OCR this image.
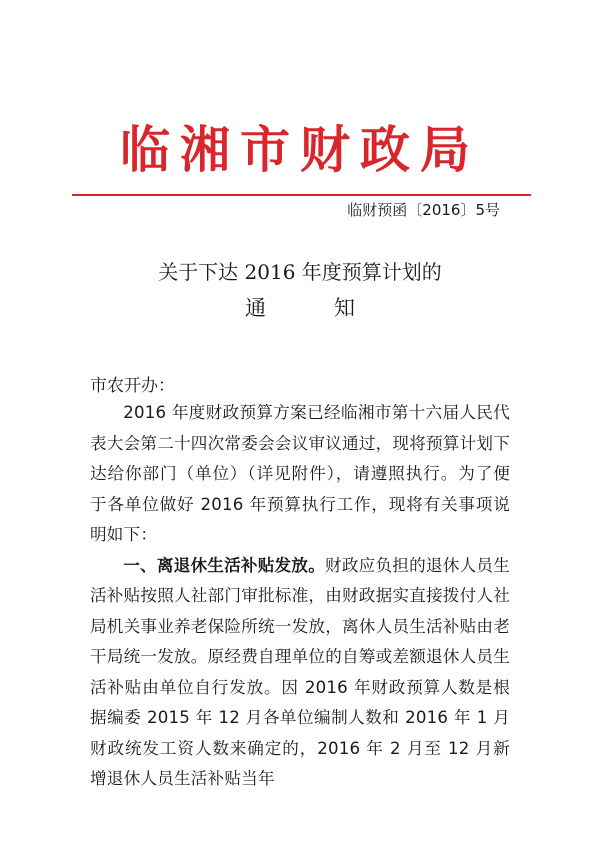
临湘市财政局
临财预函〔2016〕5号
关于下达 2016 年度预算计划的
通	知
市农开办：

2016 年度财政预算方案已经临湘市第十六届人民代表大会第二十四次常委会会议审议通过，现将预算计划下达给你部门（单位）（详见附件），请遵照执行。为了便于各单位做好 2016 年预算执行工作，现将有关事项说明如下：

一、离退休生活补贴发放。财政应负担的退休人员生活补贴按照人社部门审批标准，由财政据实直接拨付人社局机关事业养老保险所统一发放，离休人员生活补贴由老干局统一发放。原经费自理单位的自筹或差额退休人员生活补贴由单位自行发放。因 2016 年财政预算人数是根据编委 2015 年 12 月各单位编制人数和 2016 年 1 月财政统发工资人数来确定的，2016 年 2 月至 12 月新增退休人员生活补贴当年
